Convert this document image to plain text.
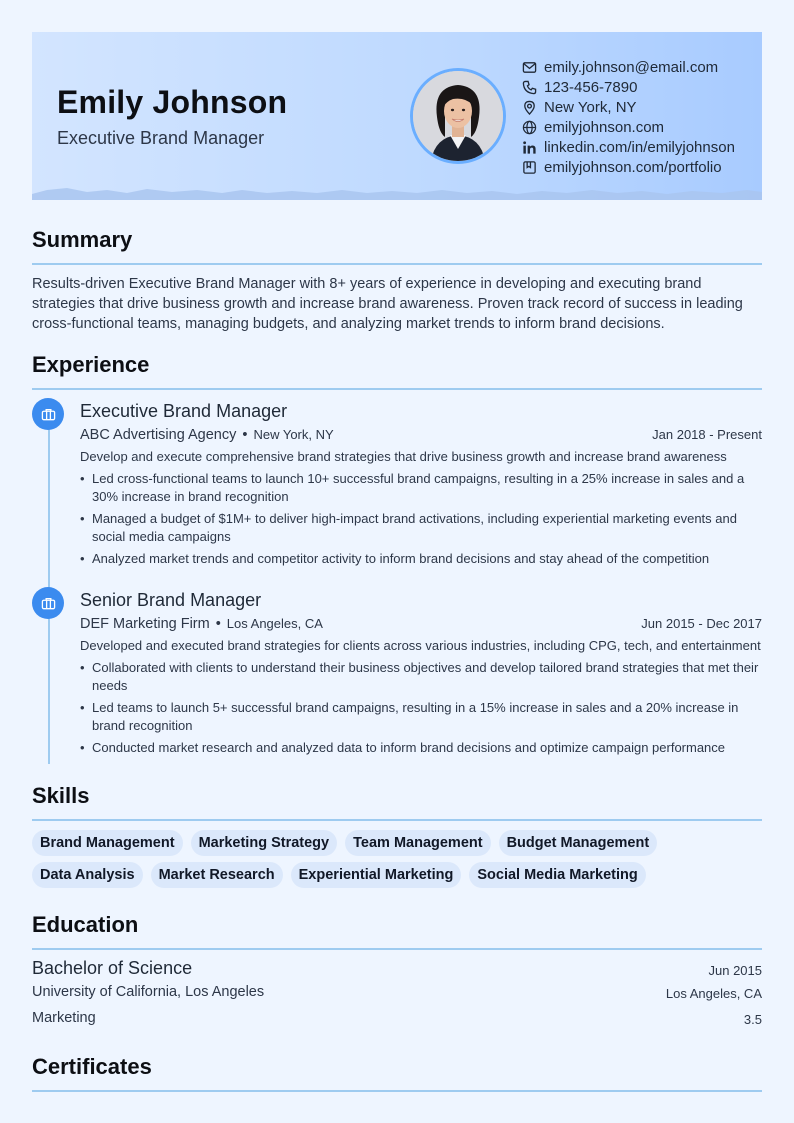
Emily Johnson
Executive Brand Manager
emily.johnson@email.com
123-456-7890
New York, NY
emilyjohnson.com
linkedin.com/in/emilyjohnson
emilyjohnson.com/portfolio
Summary

Results-driven Executive Brand Manager with 8+ years of experience in developing and executing brand strategies that drive business growth and increase brand awareness. Proven track record of success in leading cross-functional teams, managing budgets, and analyzing market trends to inform brand decisions.

Experience
Executive Brand Manager
ABC Advertising Agency • New York, NY	Jan 2018 - Present
Develop and execute comprehensive brand strategies that drive business growth and increase brand awareness
• Led cross-functional teams to launch 10+ successful brand campaigns, resulting in a 25% increase in sales and a 30% increase in brand recognition
• Managed a budget of $1M+ to deliver high-impact brand activations, including experiential marketing events and social media campaigns
• Analyzed market trends and competitor activity to inform brand decisions and stay ahead of the competition
Senior Brand Manager
DEF Marketing Firm • Los Angeles, CA	Jun 2015 - Dec 2017
Developed and executed brand strategies for clients across various industries, including CPG, tech, and entertainment
• Collaborated with clients to understand their business objectives and develop tailored brand strategies that met their needs
• Led teams to launch 5+ successful brand campaigns, resulting in a 15% increase in sales and a 20% increase in brand recognition
• Conducted market research and analyzed data to inform brand decisions and optimize campaign performance
Skills
Brand Management	Marketing Strategy	Team Management	Budget Management
Data Analysis	Market Research	Experiential Marketing	Social Media Marketing
Education
Bachelor of Science	Jun 2015
University of California, Los Angeles	Los Angeles, CA
Marketing	3.5
Certificates
